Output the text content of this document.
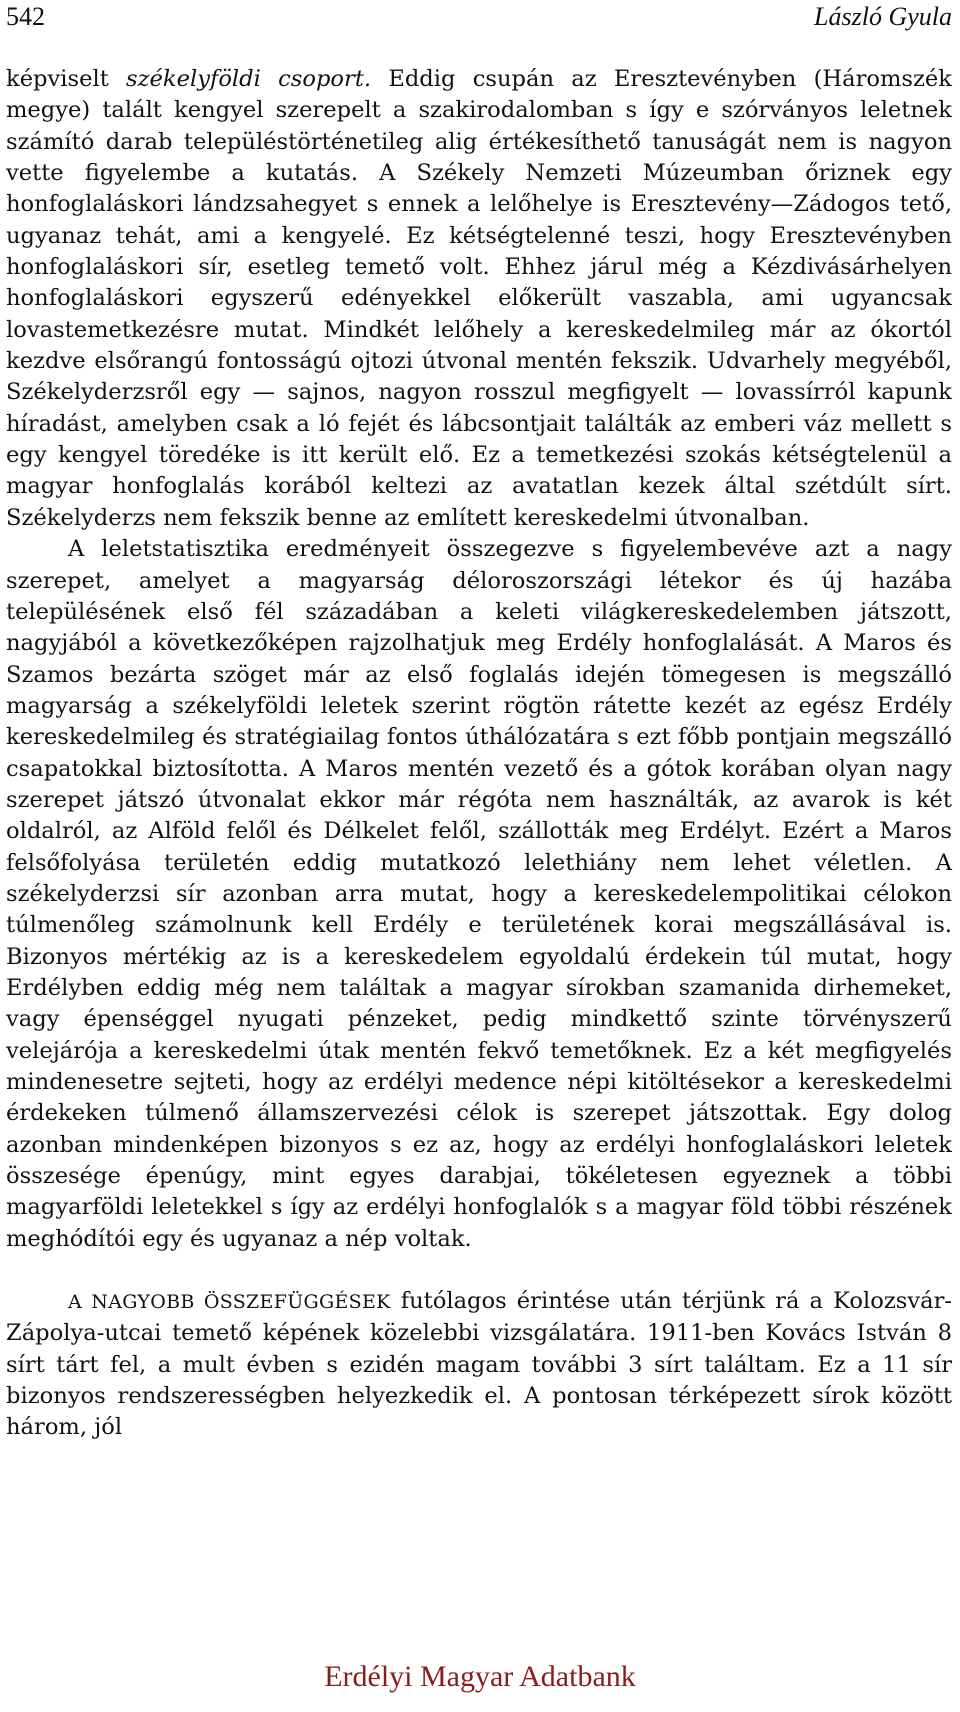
542	László Gyula

képviselt székelyföldi csoport. Eddig csupán az Eresztevényben (Háromszék megye) talált kengyel szerepelt a szakirodalomban s így e szórványos leletnek számító darab településtörténetileg alig értékesíthető tanuságát nem is nagyon vette figyelembe a kutatás. A Székely Nemzeti Múzeumban őriznek egy honfoglaláskori lándzsahegyet s ennek a lelőhelye is Eresztevény—Zádogos tető, ugyanaz tehát, ami a kengyelé. Ez kétségtelenné teszi, hogy Eresztevényben honfoglaláskori sír, esetleg temető volt. Ehhez járul még a Kézdivásárhelyen honfoglaláskori egyszerű edényekkel előkerült vaszabla, ami ugyancsak lovastemetkezésre mutat. Mindkét lelőhely a kereskedelmileg már az ókortól kezdve elsőrangú fontosságú ojtozi útvonal mentén fekszik. Udvarhely megyéből, Székelyderzsről egy — sajnos, nagyon rosszul megfigyelt — lovassírról kapunk híradást, amelyben csak a ló fejét és lábcsontjait találták az emberi váz mellett s egy kengyel töredéke is itt került elő. Ez a temetkezési szokás kétségtelenül a magyar honfoglalás korából keltezi az avatatlan kezek által szétdúlt sírt. Székelyderzs nem fekszik benne az említett kereskedelmi útvonalban.

A leletstatisztika eredményeit összegezve s figyelembevéve azt a nagy szerepet, amelyet a magyarság déloroszországi létekor és új hazába településének első fél századában a keleti világkereskedelemben játszott, nagyjából a következőképen rajzolhatjuk meg Erdély honfoglalását. A Maros és Szamos bezárta szöget már az első foglalás idején tömegesen is megszálló magyarság a székelyföldi leletek szerint rögtön rátette kezét az egész Erdély kereskedelmileg és stratégiailag fontos úthálózatára s ezt főbb pontjain megszálló csapatokkal biztosította. A Maros mentén vezető és a gótok korában olyan nagy szerepet játszó útvonalat ekkor már régóta nem használták, az avarok is két oldalról, az Alföld felől és Délkelet felől, szállották meg Erdélyt. Ezért a Maros felsőfolyása területén eddig mutatkozó lelethiány nem lehet véletlen. A székelyderzsi sír azonban arra mutat, hogy a kereskedelempolitikai célokon túlmenőleg számolnunk kell Erdély e területének korai megszállásával is. Bizonyos mértékig az is a kereskedelem egyoldalú érdekein túl mutat, hogy Erdélyben eddig még nem találtak a magyar sírokban szamanida dirhemeket, vagy épenséggel nyugati pénzeket, pedig mindkettő szinte törvényszerű velejárója a kereskedelmi útak mentén fekvő temetőknek. Ez a két megfigyelés mindenesetre sejteti, hogy az erdélyi medence népi kitöltésekor a kereskedelmi érdekeken túlmenő államszervezési célok is szerepet játszottak. Egy dolog azonban mindenképen bizonyos s ez az, hogy az erdélyi honfoglaláskori leletek összesége épenúgy, mint egyes darabjai, tökéletesen egyeznek a többi magyarföldi leletekkel s így az erdélyi honfoglalók s a magyar föld többi részének meghódítói egy és ugyanaz a nép voltak.

A NAGYOBB ÖSSZEFÜGGÉSEK futólagos érintése után térjünk rá a Kolozsvár-Zápolya-utcai temető képének közelebbi vizsgálatára. 1911-ben Kovács István 8 sírt tárt fel, a mult évben s ezidén magam további 3 sírt találtam. Ez a 11 sír bizonyos rendszerességben helyezkedik el. A pontosan térképezett sírok között három, jól

Erdélyi Magyar Adatbank
